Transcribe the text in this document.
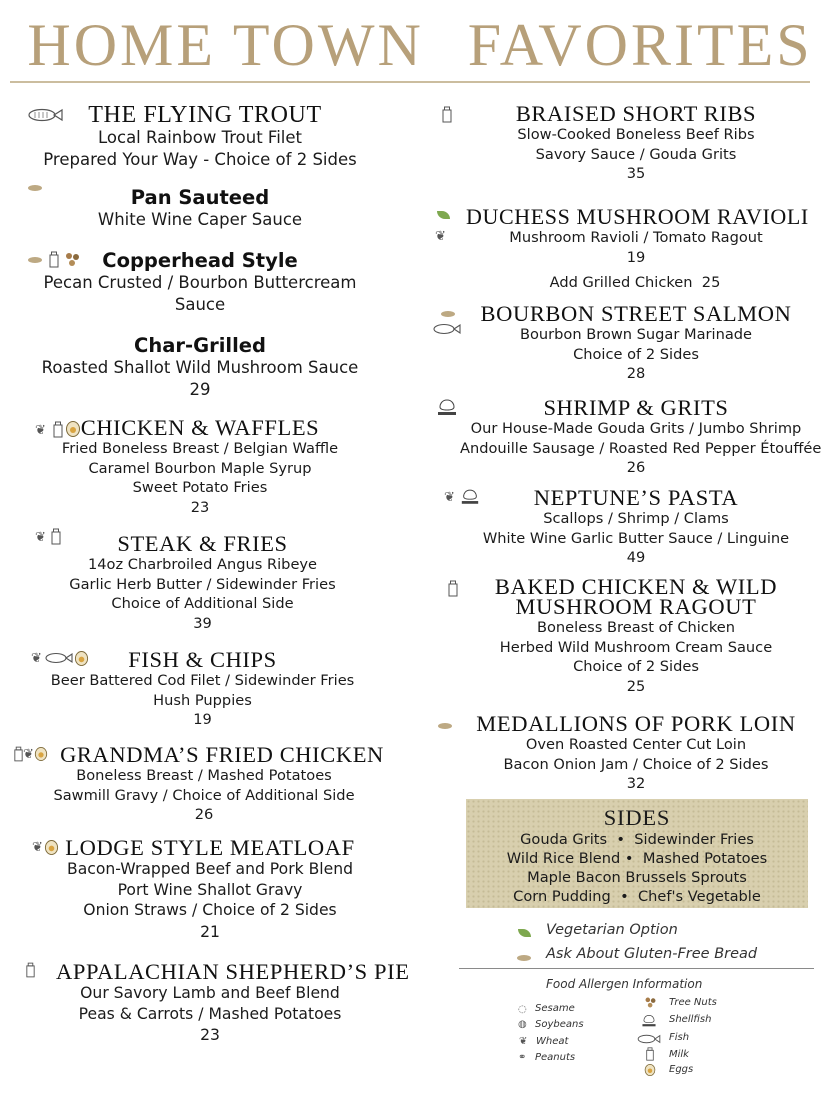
HOME TOWN FAVORITES
THE FLYING TROUT
Local Rainbow Trout Filet
Prepared Your Way - Choice of 2 Sides
Pan Sauteed
White Wine Caper Sauce
Copperhead Style
Pecan Crusted / Bourbon Buttercream
Sauce
Char-Grilled
Roasted Shallot Wild Mushroom Sauce
29
❦	CHICKEN & WAFFLES
Fried Boneless Breast / Belgian Waffle
Caramel Bourbon Maple Syrup
Sweet Potato Fries
23
❦	STEAK & FRIES
14oz Charbroiled Angus Ribeye
Garlic Herb Butter / Sidewinder Fries
Choice of Additional Side
39
❦	FISH & CHIPS
Beer Battered Cod Filet / Sidewinder Fries
Hush Puppies
19
❦	GRANDMA’S FRIED CHICKEN
Boneless Breast / Mashed Potatoes
Sawmill Gravy / Choice of Additional Side
26
❦ LODGE STYLE MEATLOAF
Bacon-Wrapped Beef and Pork Blend
Port Wine Shallot Gravy
Onion Straws / Choice of 2 Sides
21
APPALACHIAN SHEPHERD’S PIE
Our Savory Lamb and Beef Blend
Peas & Carrots / Mashed Potatoes
23
BRAISED SHORT RIBS
Slow-Cooked Boneless Beef Ribs
Savory Sauce / Gouda Grits
35
❦
DUCHESS MUSHROOM RAVIOLI
Mushroom Ravioli / Tomato Ragout
19
Add Grilled Chicken  25
BOURBON STREET SALMON
Bourbon Brown Sugar Marinade
Choice of 2 Sides
28
SHRIMP & GRITS
Our House-Made Gouda Grits / Jumbo Shrimp
Andouille Sausage / Roasted Red Pepper Étouffée
26
❦	NEPTUNE’S PASTA
Scallops / Shrimp / Clams
White Wine Garlic Butter Sauce / Linguine
49
BAKED CHICKEN & WILD
MUSHROOM RAGOUT
Boneless Breast of Chicken
Herbed Wild Mushroom Cream Sauce
Choice of 2 Sides
25
MEDALLIONS OF PORK LOIN
Oven Roasted Center Cut Loin
Bacon Onion Jam / Choice of 2 Sides
32
SIDES
Gouda Grits  •  Sidewinder Fries
Wild Rice Blend •  Mashed Potatoes
Maple Bacon Brussels Sprouts
Corn Pudding  •  Chef's Vegetable
Vegetarian Option
Ask About Gluten-Free Bread
Food Allergen Information
◌ Sesame
◍ Soybeans
❦ Wheat
⚭ Peanuts
Tree Nuts
Shellfish
Fish
Milk
Eggs
